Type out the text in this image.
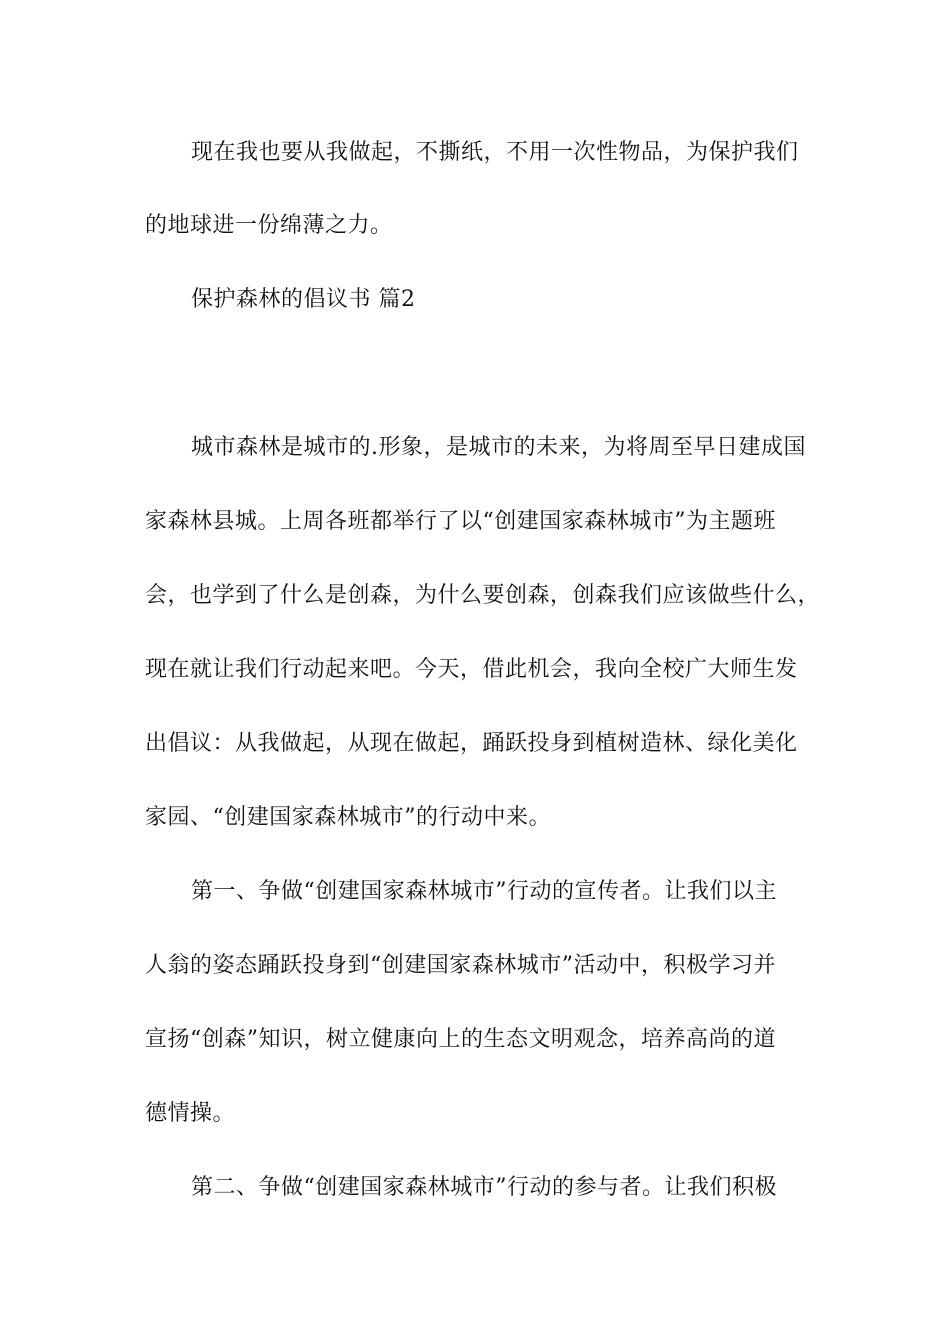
现在我也要从我做起，不撕纸，不用一次性物品，为保护我们
的地球进一份绵薄之力。
保护森林的倡议书 篇2
城市森林是城市的.形象，是城市的未来，为将周至早日建成国
家森林县城。上周各班都举行了以“创建国家森林城市”为主题班
会，也学到了什么是创森，为什么要创森，创森我们应该做些什么，
现在就让我们行动起来吧。今天，借此机会，我向全校广大师生发
出倡议：从我做起，从现在做起，踊跃投身到植树造林、绿化美化
家园、“创建国家森林城市”的行动中来。
第一、争做“创建国家森林城市”行动的宣传者。让我们以主
人翁的姿态踊跃投身到“创建国家森林城市”活动中，积极学习并
宣扬“创森”知识，树立健康向上的生态文明观念，培养高尚的道
德情操。
第二、争做“创建国家森林城市”行动的参与者。让我们积极
